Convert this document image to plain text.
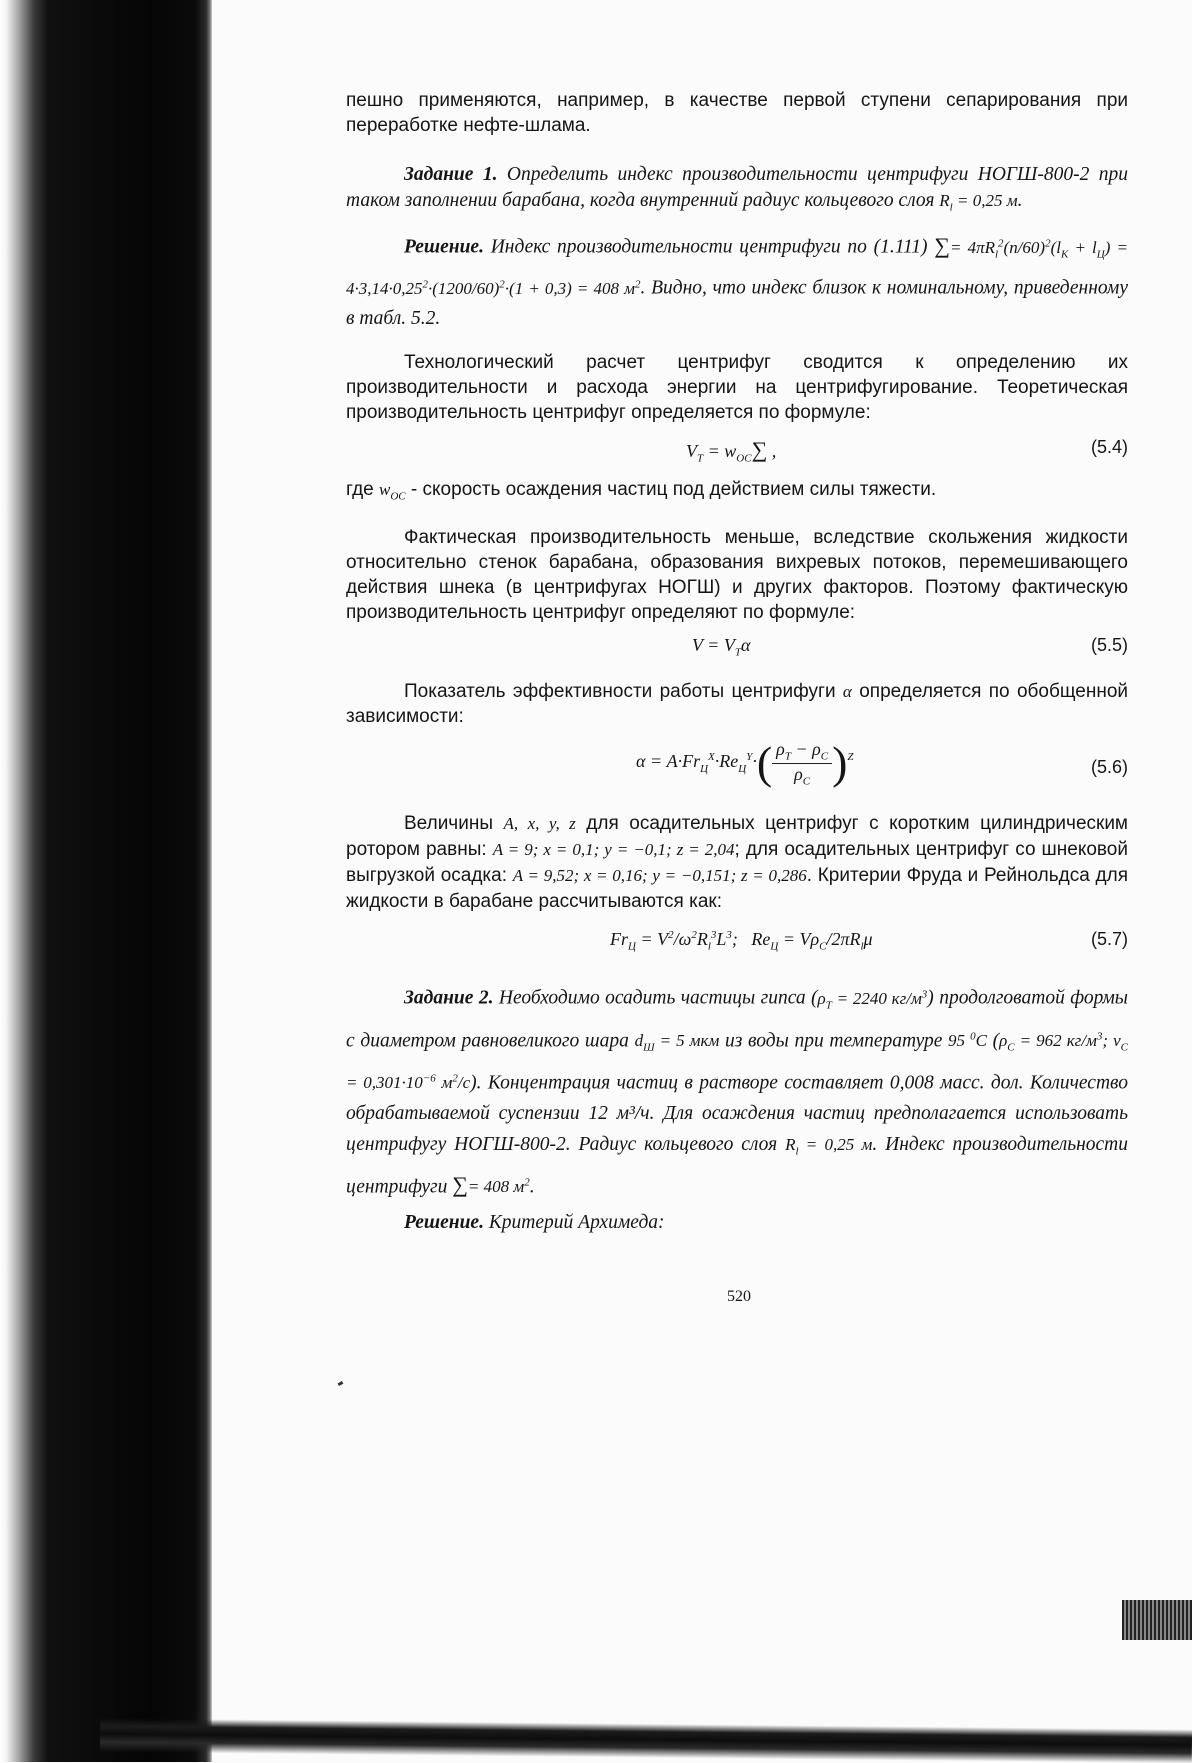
пешно применяются, например, в качестве первой ступени сепарирования при переработке нефте-шлама.

Задание 1. Определить индекс производительности центрифуги НОГШ-800-2 при таком заполнении барабана, когда внутренний радиус кольцевого слоя $R_l = 0,25$ м.

Решение. Индекс производительности центрифуги по (1.111) ∑= $4\pi R_l^2(n/60)^2(l_K + l_Ц) = 4\cdot 3,14\cdot 0,25^2\cdot(1200/60)^2\cdot(1 + 0,3) = 408$ $м^2$. Видно, что индекс близок к номинальному, приведенному в табл. 5.2.

Технологический расчет центрифуг сводится к определению их производительности и расхода энергии на центрифугирование. Теоретическая производительность центрифуг определяется по формуле:

$V_T = w_{OC}\sum$ ,	(5.4)

где $w_{OC}$ - скорость осаждения частиц под действием силы тяжести.

Фактическая производительность меньше, вследствие скольжения жидкости относительно стенок барабана, образования вихревых потоков, перемешивающего действия шнека (в центрифугах НОГШ) и других факторов. Поэтому фактическую производительность центрифуг определяют по формуле:

$V = V_T\alpha$	(5.5)

Показатель эффективности работы центрифуги α определяется по обобщенной зависимости:

$\alpha = A\cdot Fr_Ц^X\cdot Re_Ц^Y\cdot( \frac{\rho_T - \rho_C}{\rho_C} )^Z$	(5.6)

Величины A, x, y, z для осадительных центрифуг с коротким цилиндрическим ротором равны: A = 9; x = 0,1; y = −0,1; z = 2,04; для осадительных центрифуг со шнековой выгрузкой осадка: A = 9,52; x = 0,16; y = −0,151; z = 0,286. Критерии Фруда и Рейнольдса для жидкости в барабане рассчитываются как:

$Fr_Ц = V^2/\omega^2R_l^3L^3$;   $Re_Ц = V\rho_C/2\pi R_l\mu$	(5.7)

Задание 2. Необходимо осадить частицы гипса ($\rho_T = 2240$ $кг/м^3$) продолговатой формы с диаметром равновеликого шара $d_Ш = 5$ мкм из воды при температуре 95 $^0$C ($\rho_C = 962$ $кг/м^3$; $\nu_C = 0,301\cdot 10^{-6}$ $м^2/с$). Концентрация частиц в растворе составляет 0,008 масс. дол. Количество обрабатываемой суспензии 12 м³/ч. Для осаждения частиц предполагается использовать центрифугу НОГШ-800-2. Радиус кольцевого слоя $R_l = 0,25$ м. Индекс производительности центрифуги ∑= 408 $м^2$.

Решение. Критерий Архимеда:

520
